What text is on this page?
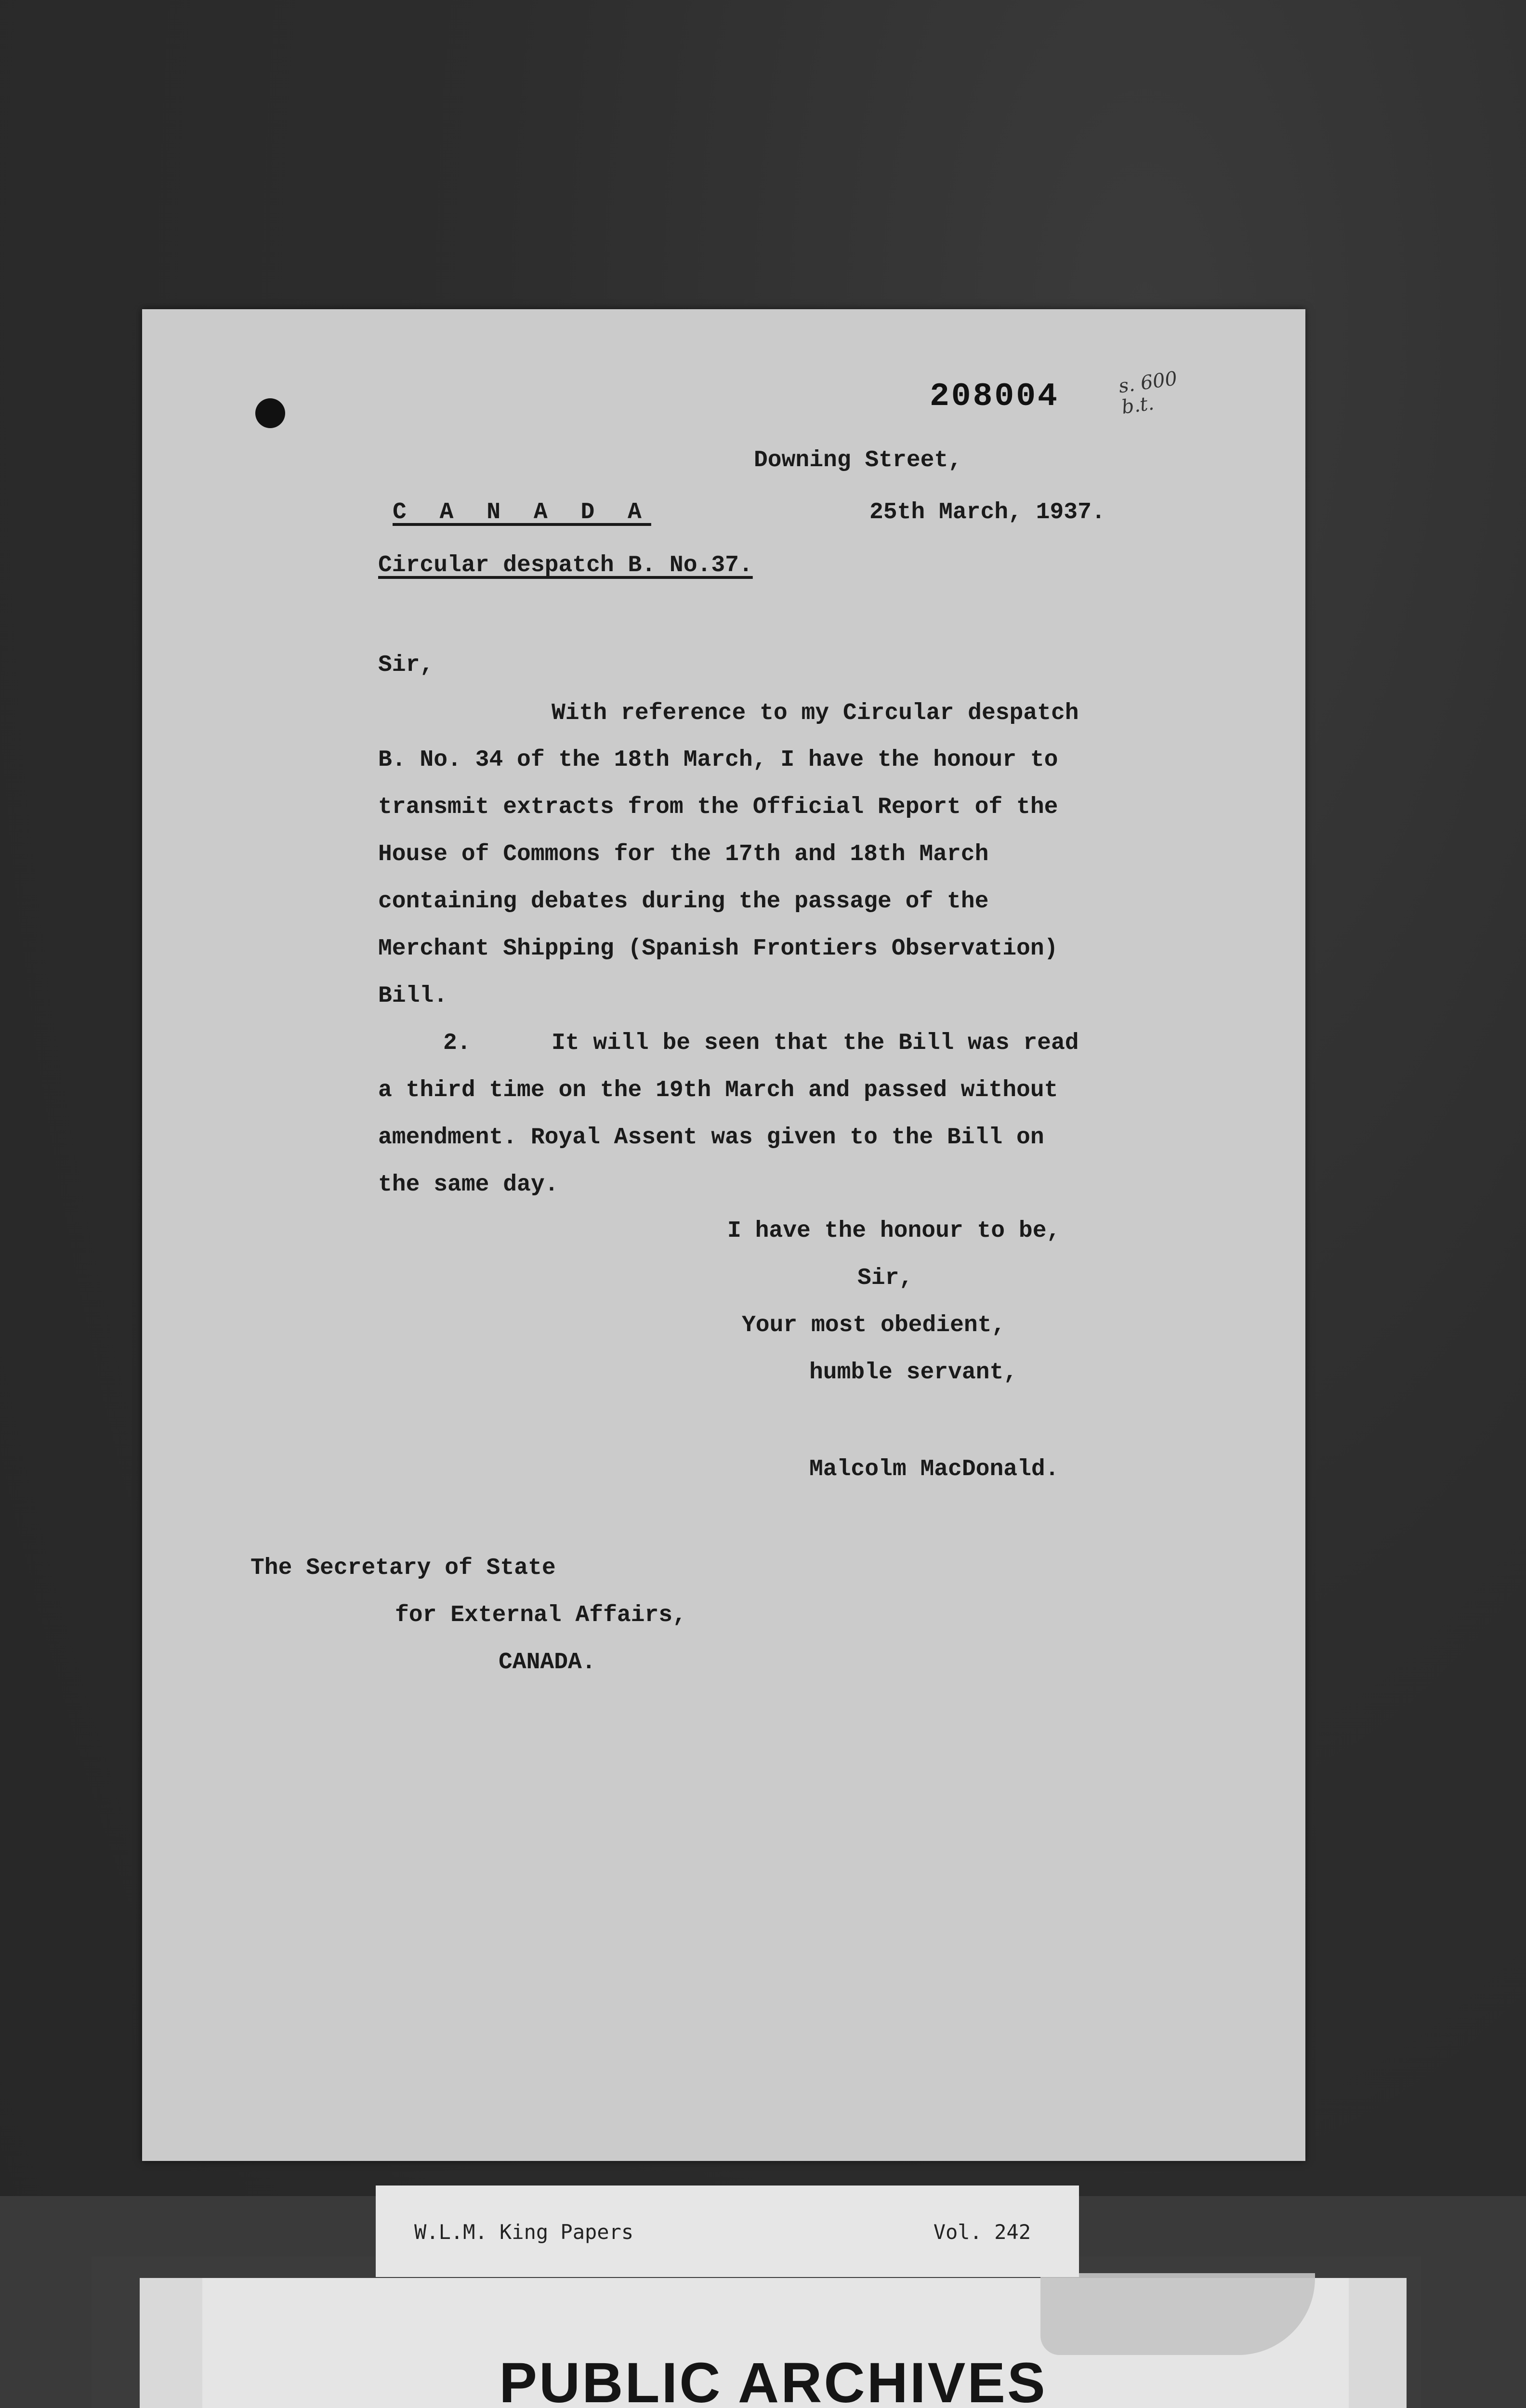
208004	s. 600
b.t.
Downing Street,
C A N A D A	25th March, 1937.
Circular despatch B. No.37.
Sir,
With reference to my Circular despatch
B. No. 34 of the 18th March, I have the honour to
transmit extracts from the Official Report of the
House of Commons for the 17th and 18th March
containing debates during the passage of the
Merchant Shipping (Spanish Frontiers Observation)
Bill.
2.	It will be seen that the Bill was read
a third time on the 19th March and passed without
amendment. Royal Assent was given to the Bill on
the same day.
I have the honour to be,
Sir,
Your most obedient,
humble servant,
Malcolm MacDonald.
The Secretary of State
for External Affairs,
CANADA.
PUBLIC ARCHIVES
W.L.M. King Papers	Vol. 242
